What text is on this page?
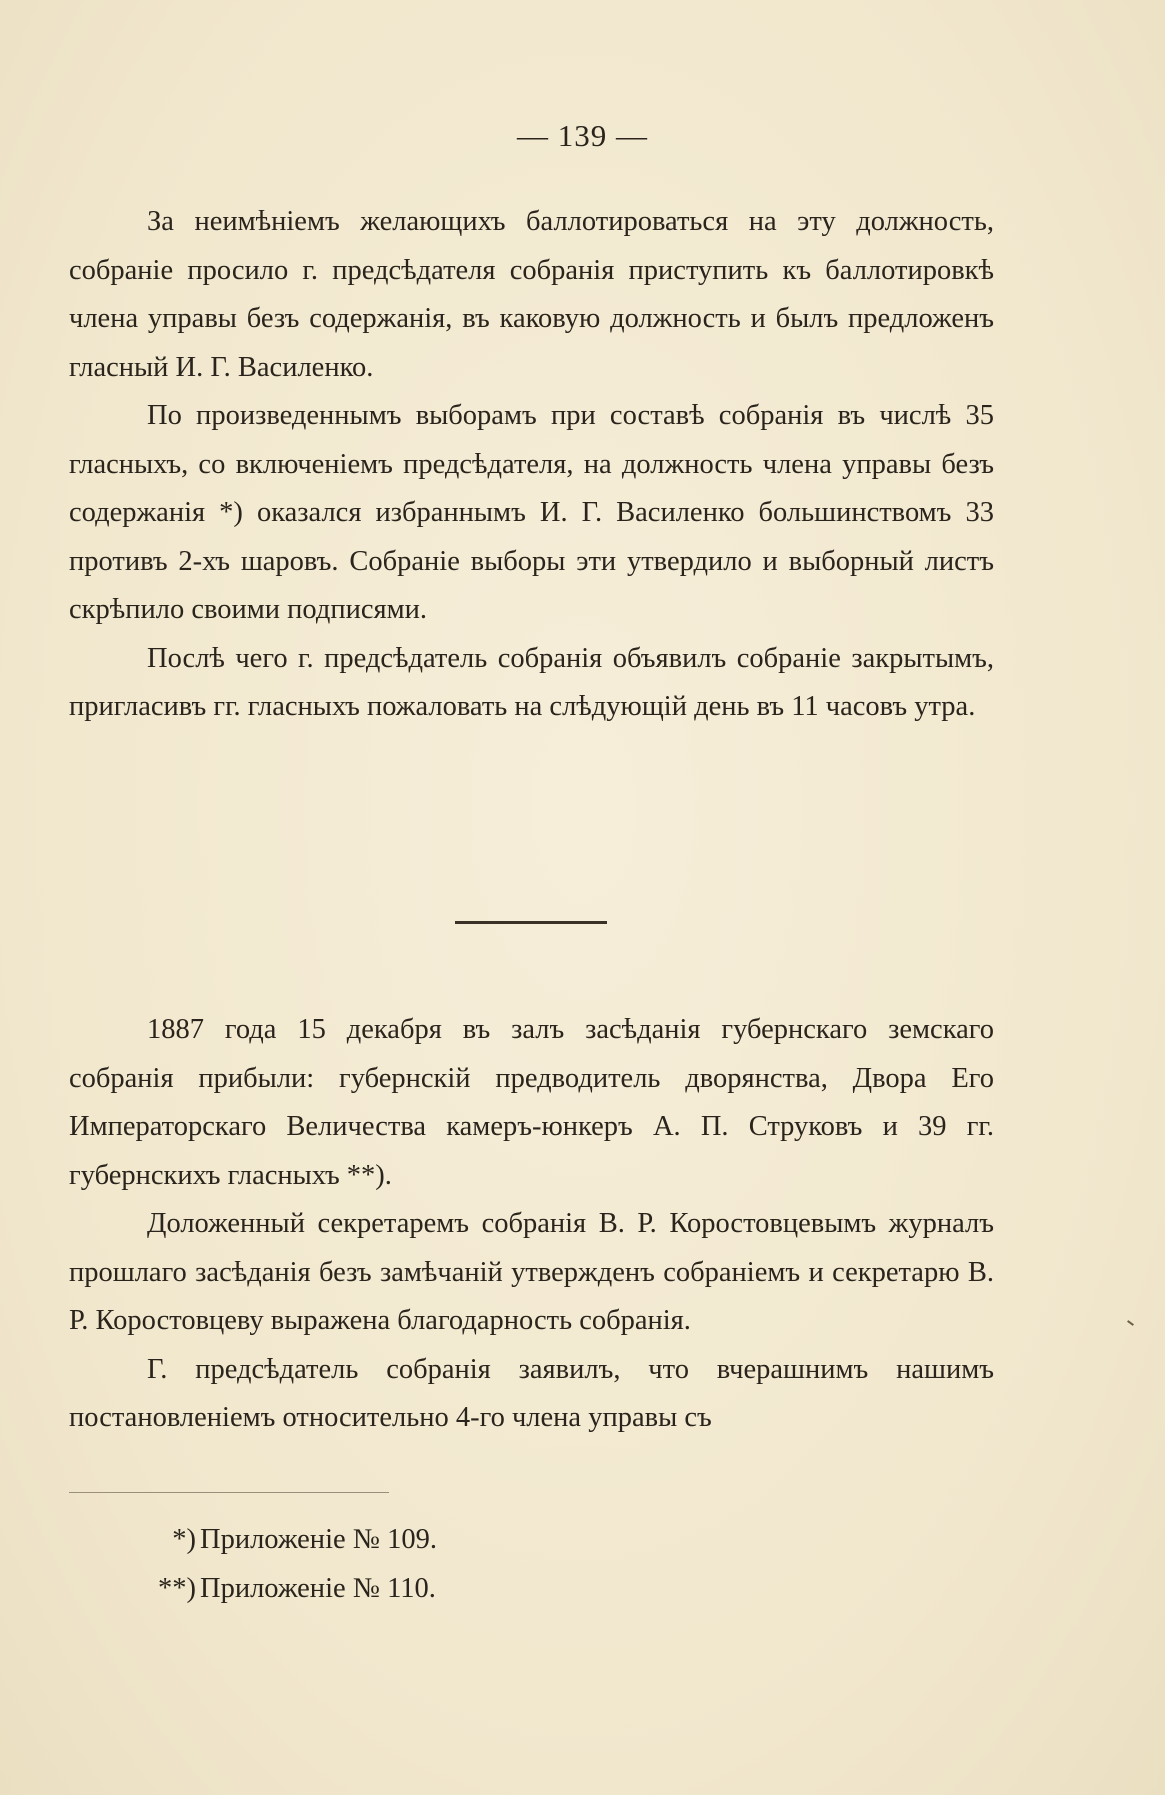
— 139 —

За неимѣніемъ желающихъ баллотироваться на эту должность, собраніе просило г. предсѣдателя собранія приступить къ баллотировкѣ члена управы безъ содержанія, въ каковую должность и былъ предложенъ гласный И. Г. Василенко.

По произведеннымъ выборамъ при составѣ собранія въ числѣ 35 гласныхъ, со включеніемъ предсѣдателя, на должность члена управы безъ содержанія *) оказался избраннымъ И. Г. Василенко большинствомъ 33 противъ 2-хъ шаровъ. Собраніе выборы эти утвердило и выборный листъ скрѣпило своими подписями.

Послѣ чего г. предсѣдатель собранія объявилъ собраніе закрытымъ, пригласивъ гг. гласныхъ пожаловать на слѣдующій день въ 11 часовъ утра.

1887 года 15 декабря въ залъ засѣданія губернскаго земскаго собранія прибыли: губернскій предводитель дворянства, Двора Его Императорскаго Величества камеръ-юнкеръ А. П. Струковъ и 39 гг. губернскихъ гласныхъ **).

Доложенный секретаремъ собранія В. Р. Коростовцевымъ журналъ прошлаго засѣданія безъ замѣчаній утвержденъ собраніемъ и секретарю В. Р. Коростовцеву выражена благодарность собранія.

Г. предсѣдатель собранія заявилъ, что вчерашнимъ нашимъ постановленіемъ относительно 4-го члена управы съ

*) Приложеніе № 109.
**) Приложеніе № 110.
